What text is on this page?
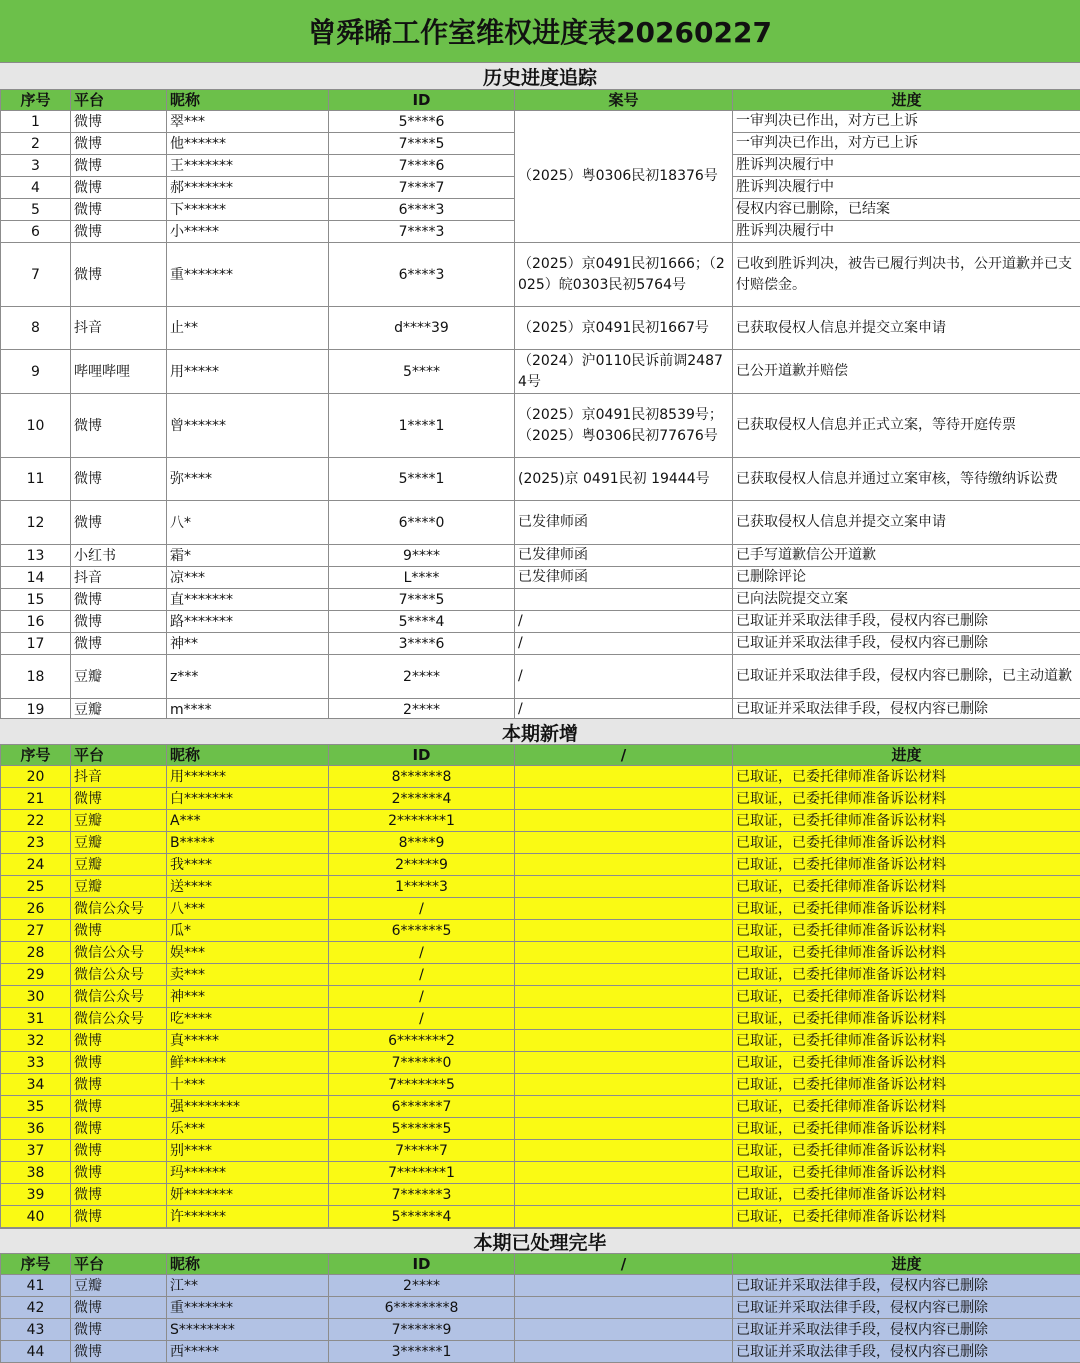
曾舜晞工作室维权进度表20260227
历史进度追踪
序号	平台	昵称	ID	案号	进度
1	微博	翠***	5****6	（2025）粤0306民初18376号	一审判决已作出，对方已上诉
2	微博	他******	7****5		一审判决已作出，对方已上诉
3	微博	王*******	7****6		胜诉判决履行中
4	微博	郝*******	7****7		胜诉判决履行中
5	微博	下******	6****3		侵权内容已删除，已结案
6	微博	小*****	7****3		胜诉判决履行中
7	微博	重*******	6****3	（2025）京0491民初1666；（2025）皖0303民初5764号	已收到胜诉判决，被告已履行判决书，公开道歉并已支付赔偿金。
8	抖音	止**	d****39	（2025）京0491民初1667号	已获取侵权人信息并提交立案申请
9	哔哩哔哩	用*****	5****	（2024）沪0110民诉前调24874号	已公开道歉并赔偿
10	微博	曾******	1****1	（2025）京0491民初8539号；（2025）粤0306民初77676号	已获取侵权人信息并正式立案，等待开庭传票
11	微博	弥****	5****1	(2025)京 0491民初 19444号	已获取侵权人信息并通过立案审核，等待缴纳诉讼费
12	微博	八*	6****0	已发律师函	已获取侵权人信息并提交立案申请
13	小红书	霜*	9****	已发律师函	已手写道歉信公开道歉
14	抖音	凉***	L****	已发律师函	已删除评论
15	微博	直*******	7****5		已向法院提交立案
16	微博	路*******	5****4	/	已取证并采取法律手段，侵权内容已删除
17	微博	神**	3****6	/	已取证并采取法律手段，侵权内容已删除
18	豆瓣	z***	2****	/	已取证并采取法律手段，侵权内容已删除，已主动道歉
19	豆瓣	m****	2****	/	已取证并采取法律手段，侵权内容已删除
本期新增
序号	平台	昵称	ID	/	进度
20	抖音	用******	8******8		已取证，已委托律师准备诉讼材料
21	微博	白*******	2******4		已取证，已委托律师准备诉讼材料
22	豆瓣	A***	2*******1		已取证，已委托律师准备诉讼材料
23	豆瓣	B*****	8****9		已取证，已委托律师准备诉讼材料
24	豆瓣	我****	2*****9		已取证，已委托律师准备诉讼材料
25	豆瓣	送****	1*****3		已取证，已委托律师准备诉讼材料
26	微信公众号	八***	/		已取证，已委托律师准备诉讼材料
27	微博	瓜*	6******5		已取证，已委托律师准备诉讼材料
28	微信公众号	娱***	/		已取证，已委托律师准备诉讼材料
29	微信公众号	卖***	/		已取证，已委托律师准备诉讼材料
30	微信公众号	神***	/		已取证，已委托律师准备诉讼材料
31	微信公众号	吃****	/		已取证，已委托律师准备诉讼材料
32	微博	真*****	6*******2		已取证，已委托律师准备诉讼材料
33	微博	鲜******	7******0		已取证，已委托律师准备诉讼材料
34	微博	十***	7*******5		已取证，已委托律师准备诉讼材料
35	微博	强********	6******7		已取证，已委托律师准备诉讼材料
36	微博	乐***	5******5		已取证，已委托律师准备诉讼材料
37	微博	别****	7*****7		已取证，已委托律师准备诉讼材料
38	微博	玛******	7*******1		已取证，已委托律师准备诉讼材料
39	微博	妍*******	7******3		已取证，已委托律师准备诉讼材料
40	微博	许******	5******4		已取证，已委托律师准备诉讼材料
本期已处理完毕
序号	平台	昵称	ID	/	进度
41	豆瓣	江**	2****		已取证并采取法律手段，侵权内容已删除
42	微博	重*******	6********8		已取证并采取法律手段，侵权内容已删除
43	微博	S********	7******9		已取证并采取法律手段，侵权内容已删除
44	微博	西*****	3******1		已取证并采取法律手段，侵权内容已删除
